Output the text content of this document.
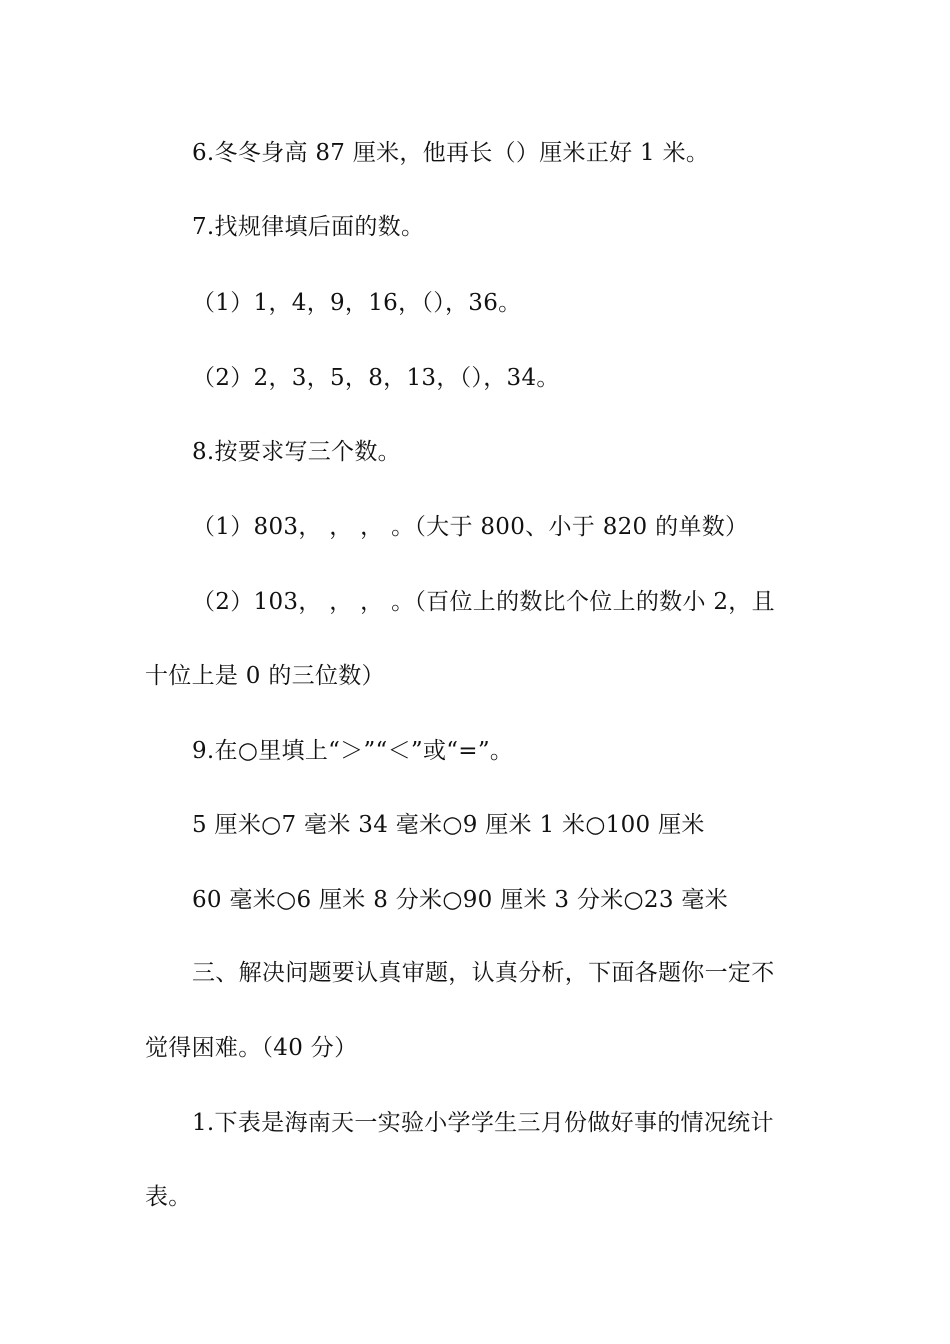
6.冬冬身高 87 厘米，他再长（）厘米正好 1 米。
7.找规律填后面的数。
（1）1，4，9，16，（），36。
（2）2，3，5，8，13，（），34。
8.按要求写三个数。
（1）803， ， ， 。（大于 800、小于 820 的单数）
（2）103， ， ， 。（百位上的数比个位上的数小 2，且
十位上是 0 的三位数）
9.在○里填上“＞”“＜”或“=”。
5 厘米○7 毫米 34 毫米○9 厘米 1 米○100 厘米
60 毫米○6 厘米 8 分米○90 厘米 3 分米○23 毫米
三、解决问题要认真审题，认真分析，下面各题你一定不
觉得困难。（40 分）
1.下表是海南天一实验小学学生三月份做好事的情况统计
表。
